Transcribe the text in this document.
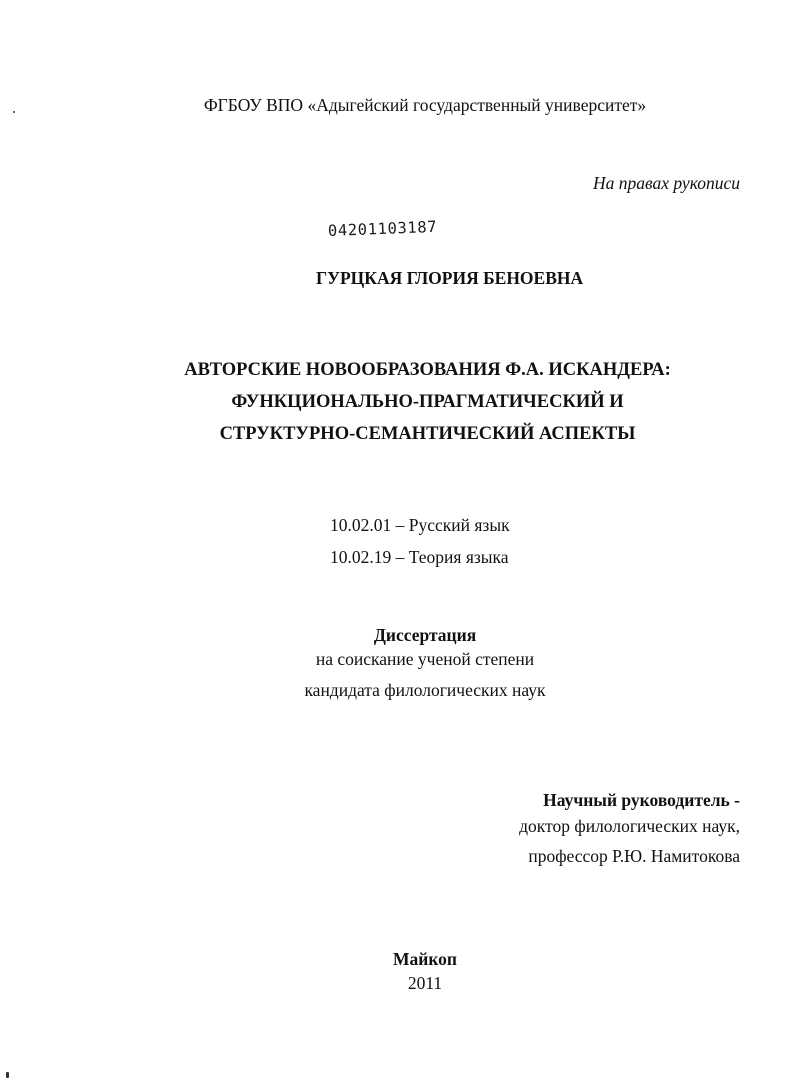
ФГБОУ ВПО «Адыгейский государственный университет»
На правах рукописи
04201103187
ГУРЦКАЯ ГЛОРИЯ БЕНОЕВНА
АВТОРСКИЕ НОВООБРАЗОВАНИЯ Ф.А. ИСКАНДЕРА:
ФУНКЦИОНАЛЬНО-ПРАГМАТИЧЕСКИЙ И
СТРУКТУРНО-СЕМАНТИЧЕСКИЙ АСПЕКТЫ
10.02.01 – Русский язык
10.02.19 – Теория языка
Диссертация
на соискание ученой степени
кандидата филологических наук
Научный руководитель -
доктор филологических наук,
профессор Р.Ю. Намитокова
Майкоп
2011
